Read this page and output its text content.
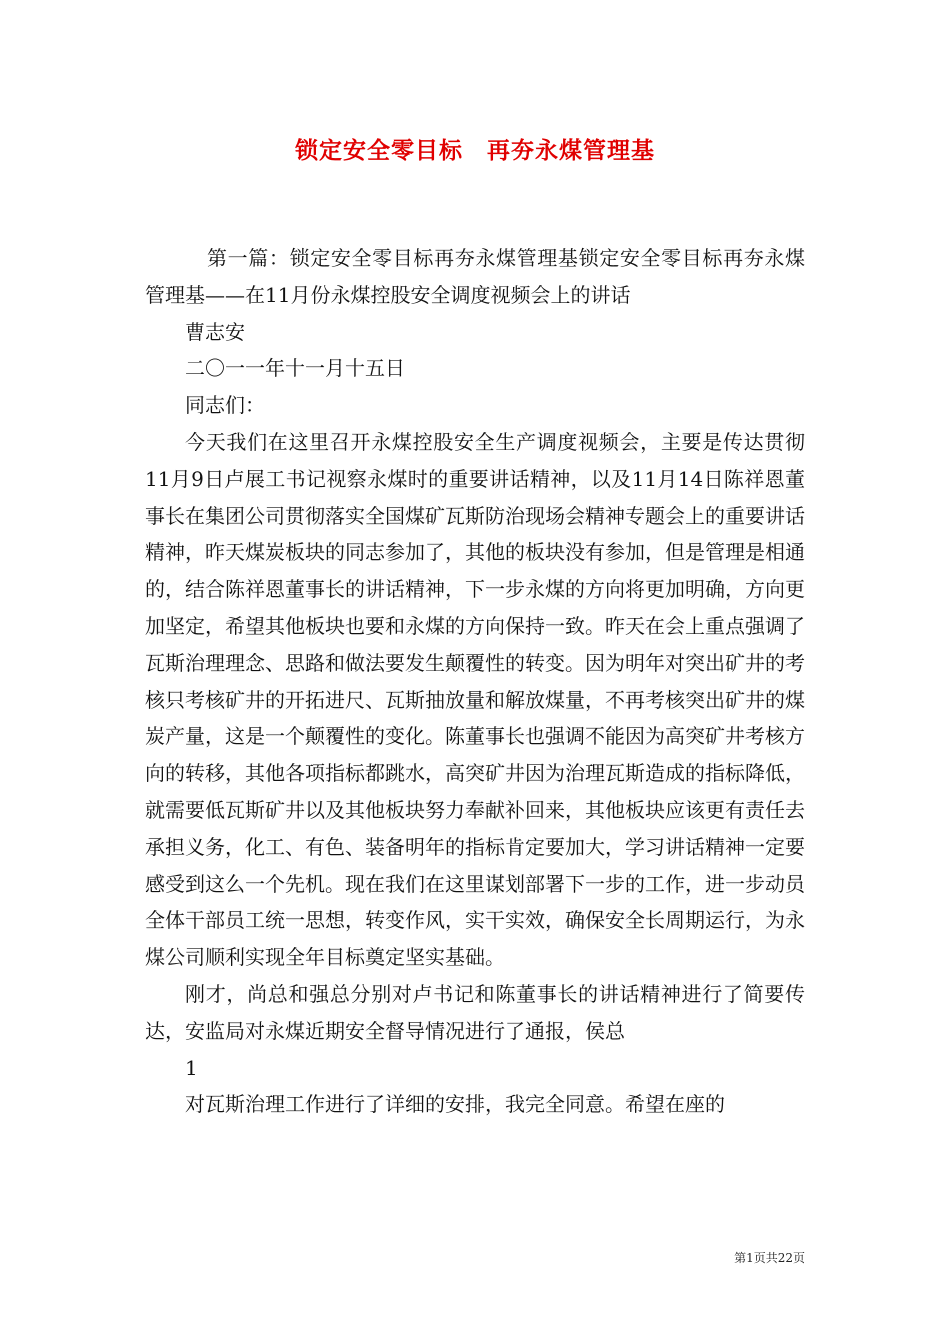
锁定安全零目标　再夯永煤管理基

第一篇：锁定安全零目标再夯永煤管理基锁定安全零目标再夯永煤管理基——在11月份永煤控股安全调度视频会上的讲话

曹志安

二〇一一年十一月十五日

同志们：

今天我们在这里召开永煤控股安全生产调度视频会，主要是传达贯彻11月9日卢展工书记视察永煤时的重要讲话精神，以及11月14日陈祥恩董事长在集团公司贯彻落实全国煤矿瓦斯防治现场会精神专题会上的重要讲话精神，昨天煤炭板块的同志参加了，其他的板块没有参加，但是管理是相通的，结合陈祥恩董事长的讲话精神，下一步永煤的方向将更加明确，方向更加坚定，希望其他板块也要和永煤的方向保持一致。昨天在会上重点强调了瓦斯治理理念、思路和做法要发生颠覆性的转变。因为明年对突出矿井的考核只考核矿井的开拓进尺、瓦斯抽放量和解放煤量，不再考核突出矿井的煤炭产量，这是一个颠覆性的变化。陈董事长也强调不能因为高突矿井考核方向的转移，其他各项指标都跳水，高突矿井因为治理瓦斯造成的指标降低，就需要低瓦斯矿井以及其他板块努力奉献补回来，其他板块应该更有责任去承担义务，化工、有色、装备明年的指标肯定要加大，学习讲话精神一定要感受到这么一个先机。现在我们在这里谋划部署下一步的工作，进一步动员全体干部员工统一思想，转变作风，实干实效，确保安全长周期运行，为永煤公司顺利实现全年目标奠定坚实基础。

刚才，尚总和强总分别对卢书记和陈董事长的讲话精神进行了简要传达，安监局对永煤近期安全督导情况进行了通报，侯总

1

对瓦斯治理工作进行了详细的安排，我完全同意。希望在座的

第1页共22页
